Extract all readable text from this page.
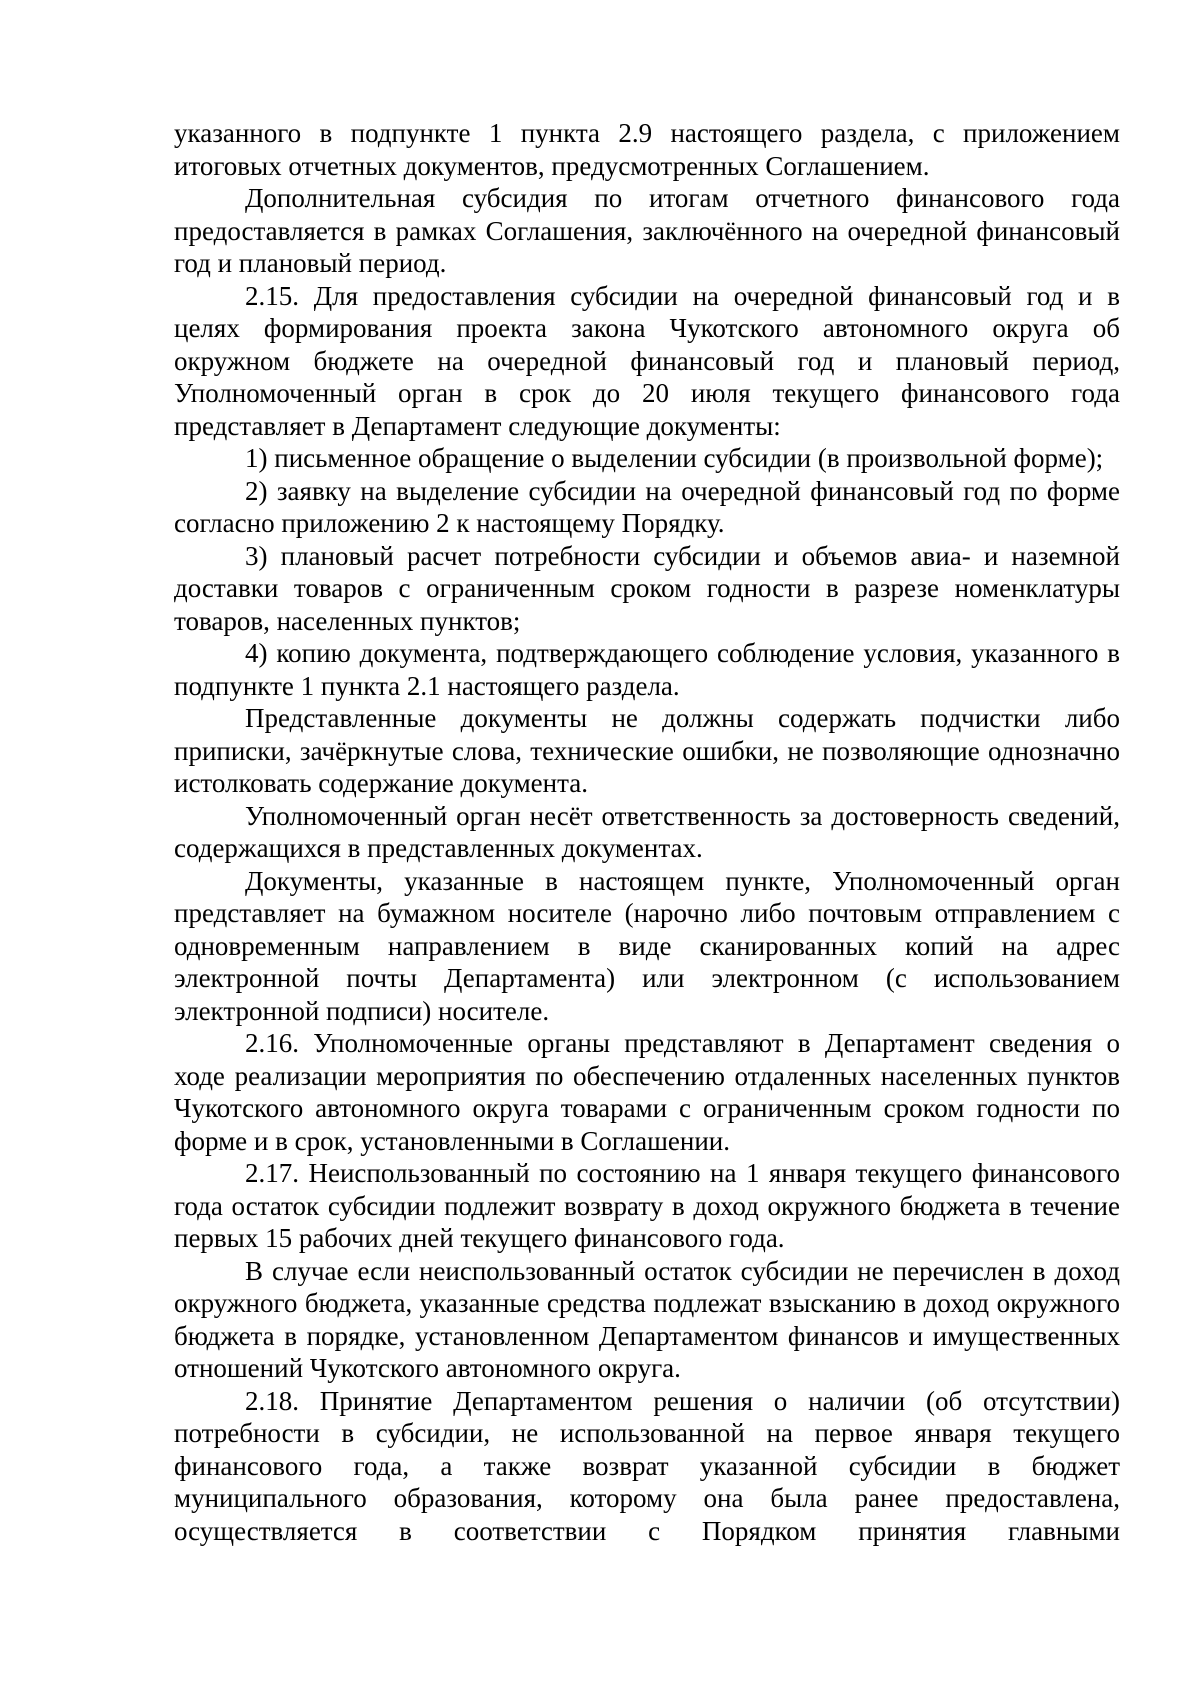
указанного в подпункте 1 пункта 2.9 настоящего раздела, с приложением итоговых отчетных документов, предусмотренных Соглашением.

Дополнительная субсидия по итогам отчетного финансового года предоставляется в рамках Соглашения, заключённого на очередной финансовый год и плановый период.

2.15. Для предоставления субсидии на очередной финансовый год и в целях формирования проекта закона Чукотского автономного округа об окружном бюджете на очередной финансовый год и плановый период, Уполномоченный орган в срок до 20 июля текущего финансового года представляет в Департамент следующие документы:

1) письменное обращение о выделении субсидии (в произвольной форме);

2) заявку на выделение субсидии на очередной финансовый год по форме согласно приложению 2 к настоящему Порядку.

3) плановый расчет потребности субсидии и объемов авиа- и наземной доставки товаров с ограниченным сроком годности в разрезе номенклатуры товаров, населенных пунктов;

4) копию документа, подтверждающего соблюдение условия, указанного в подпункте 1 пункта 2.1 настоящего раздела.

Представленные документы не должны содержать подчистки либо приписки, зачёркнутые слова, технические ошибки, не позволяющие однозначно истолковать содержание документа.

Уполномоченный орган несёт ответственность за достоверность сведений, содержащихся в представленных документах.

Документы, указанные в настоящем пункте, Уполномоченный орган представляет на бумажном носителе (нарочно либо почтовым отправлением с одновременным направлением в виде сканированных копий на адрес электронной почты Департамента) или электронном (с использованием электронной подписи) носителе.

2.16. Уполномоченные органы представляют в Департамент сведения о ходе реализации мероприятия по обеспечению отдаленных населенных пунктов Чукотского автономного округа товарами с ограниченным сроком годности по форме и в срок, установленными в Соглашении.

2.17. Неиспользованный по состоянию на 1 января текущего финансового года остаток субсидии подлежит возврату в доход окружного бюджета в течение первых 15 рабочих дней текущего финансового года.

В случае если неиспользованный остаток субсидии не перечислен в доход окружного бюджета, указанные средства подлежат взысканию в доход окружного бюджета в порядке, установленном Департаментом финансов и имущественных отношений Чукотского автономного округа.

2.18. Принятие Департаментом решения о наличии (об отсутствии) потребности в субсидии, не использованной на первое января текущего финансового года, а также возврат указанной субсидии в бюджет муниципального образования, которому она была ранее предоставлена, осуществляется в соответствии с Порядком принятия главными
